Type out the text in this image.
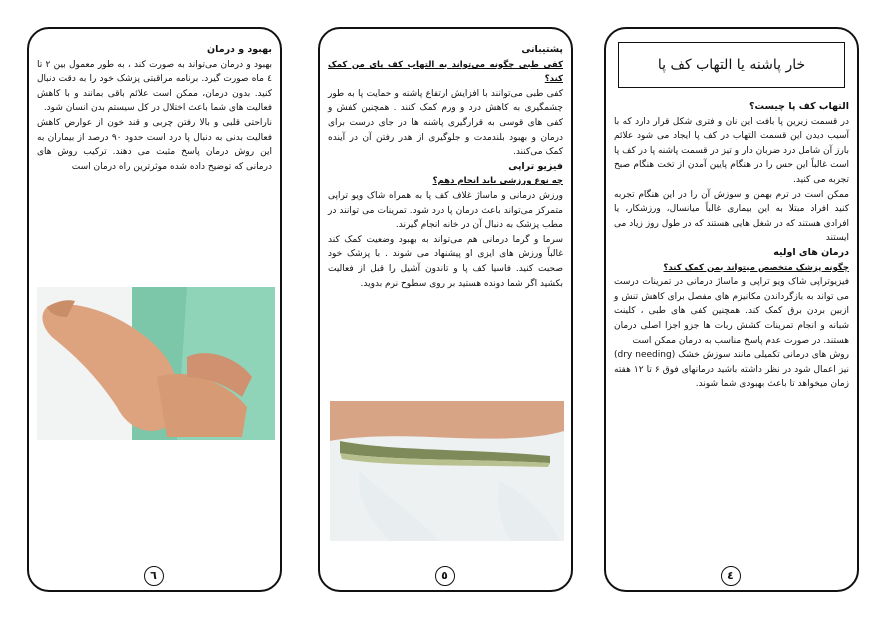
بهبود و درمان

بهبود و درمان می‌تواند به صورت کند ، به طور معمول بین ۲ تا ٤ ماه صورت گیرد. برنامه مراقبتی پزشک خود را به دقت دنبال کنید. بدون درمان، ممکن است علائم باقی بمانند و با کاهش فعالیت های شما باعث اختلال در کل سیستم بدن انسان شود.

ناراحتی قلبی و بالا رفتن چربی و قند خون از عوارض کاهش فعالیت بدنی به دنبال پا درد است حدود ۹۰ درصد از بیماران به این روش درمان پاسخ مثبت می دهند. ترکیب روش های درمانی که توضیح داده شده موثرترین راه درمان است

٦

پشتیبانی

کفی طبی چگونه می‌تواند به التهاب کف پای من کمک کند؟

کفی طبی می‌توانند با افزایش ارتفاع پاشنه و حمایت پا به طور چشمگیری به کاهش درد و ورم کمک کنند . همچنین کفش و کفی های قوسی به قرارگیری پاشنه ها در جای درست برای درمان و بهبود بلندمدت و جلوگیری از هدر رفتن آن در آینده کمک می‌کنند.

فیزیو تراپی

چه نوع ورزشی باید انجام دهم؟

ورزش درمانی و ماساژ غلاف کف پا به همراه شاک ویو تراپی متمرکز می‌تواند باعث درمان پا درد شود. تمرینات می توانند در مطب پزشک به دنبال آن در خانه انجام گیرند.

سرما و گرما درمانی هم می‌تواند به بهبود وضعیت کمک کند غالباً ورزش های ایزی او پیشنهاد می شوند . با پزشک خود صحبت کنید. فاسیا کف پا و تاندون آشیل را قبل از فعالیت بکشید اگر شما دونده هستید بر روی سطوح نرم بدوید.

٥
خار پاشنه یا التهاب کف پا

التهاب کف پا چیست؟

در قسمت زیرین پا بافت این نان و فتری شکل قرار دارد که با آسیب دیدن این قسمت التهاب در کف پا ایجاد می شود علائم بارز آن شامل درد ضربان دار و تیز در قسمت پاشنه پا در کف پا است غالباً این حس را در هنگام پایین آمدن از تخت هنگام صبح تجربه می کنید.

ممکن است در ترم بهمن و سوزش آن را در این هنگام تجربه کنید افراد مبتلا به این بیماری غالباً میانسال، ورزشکار، یا افرادی هستند که در شغل هایی هستند که در طول روز زیاد می ایستند

درمان های اولیه

چگونه پزشک متخصص میتواند بمن کمک کند؟

فیزیوتراپی شاک ویو تراپی و ماساژ درمانی در تمرینات درست می تواند به بازگرداندن مکانیزم های مفصل برای کاهش تنش و ازبین بردن برق کمک کند. همچنین کفی های طبی ، کلینت شبانه و انجام تمرینات کشش ربات ها جزو اجزا اصلی درمان هستند. در صورت عدم پاسخ مناسب به درمان ممکن است

روش های درمانی تکمیلی مانند سوزش خشک (dry needing) نیز اعمال شود در نظر داشته باشید درمانهای فوق ۶ تا ۱۲ هفته زمان میخواهد تا باعث بهبودی شما شوند.

٤
